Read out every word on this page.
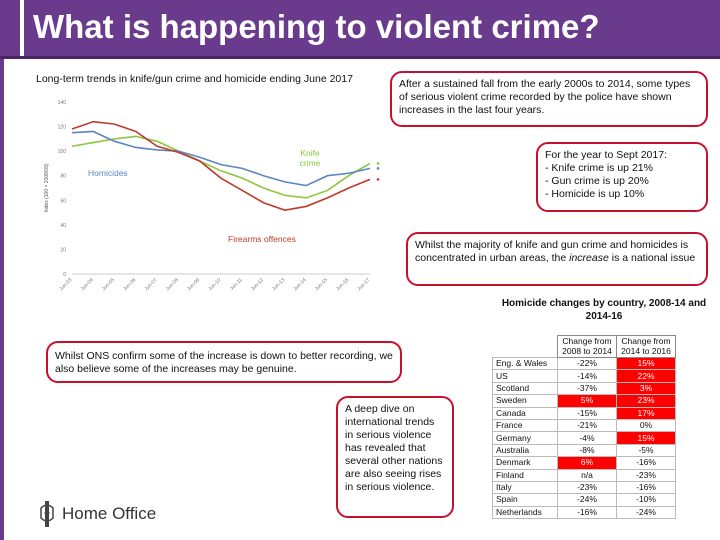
What is happening to violent crime?
Long-term trends in knife/gun crime and homicide ending June 2017
Index (100 = 2008/09)
0
20
40
60
80
100
120
140
Jun-03 Jun-04 Jun-05 Jun-06 Jun-07 Jun-08 Jun-09 Jun-10 Jun-11 Jun-12 Jun-13 Jun-14 Jun-15 Jun-16 Jun-17
Knife crime
Homicides
Firearms offences
After a sustained fall from the early 2000s to 2014, some types of serious violent crime recorded by the police have shown increases in the last four years.
For the year to Sept 2017:
- Knife crime is up 21%
- Gun crime is up 20%
- Homicide is up 10%
Whilst the majority of knife and gun crime and homicides is concentrated in urban areas, the increase is a national issue
Whilst ONS confirm some of the increase is down to better recording, we also believe some of the increases may be genuine.
A deep dive on international trends in serious violence has revealed that several other nations are also seeing rises in serious violence.
Homicide changes by country, 2008-14 and 2014-16
	Change from 2008 to 2014	Change from 2014 to 2016
Eng. & Wales	-22%	15%
US	-14%	22%
Scotland	-37%	3%
Sweden	5%	23%
Canada	-15%	17%
France	-21%	0%
Germany	-4%	15%
Australia	-8%	-5%
Denmark	6%	-16%
Finland	n/a	-23%
Italy	-23%	-16%
Spain	-24%	-10%
Netherlands	-16%	-24%
Home Office
